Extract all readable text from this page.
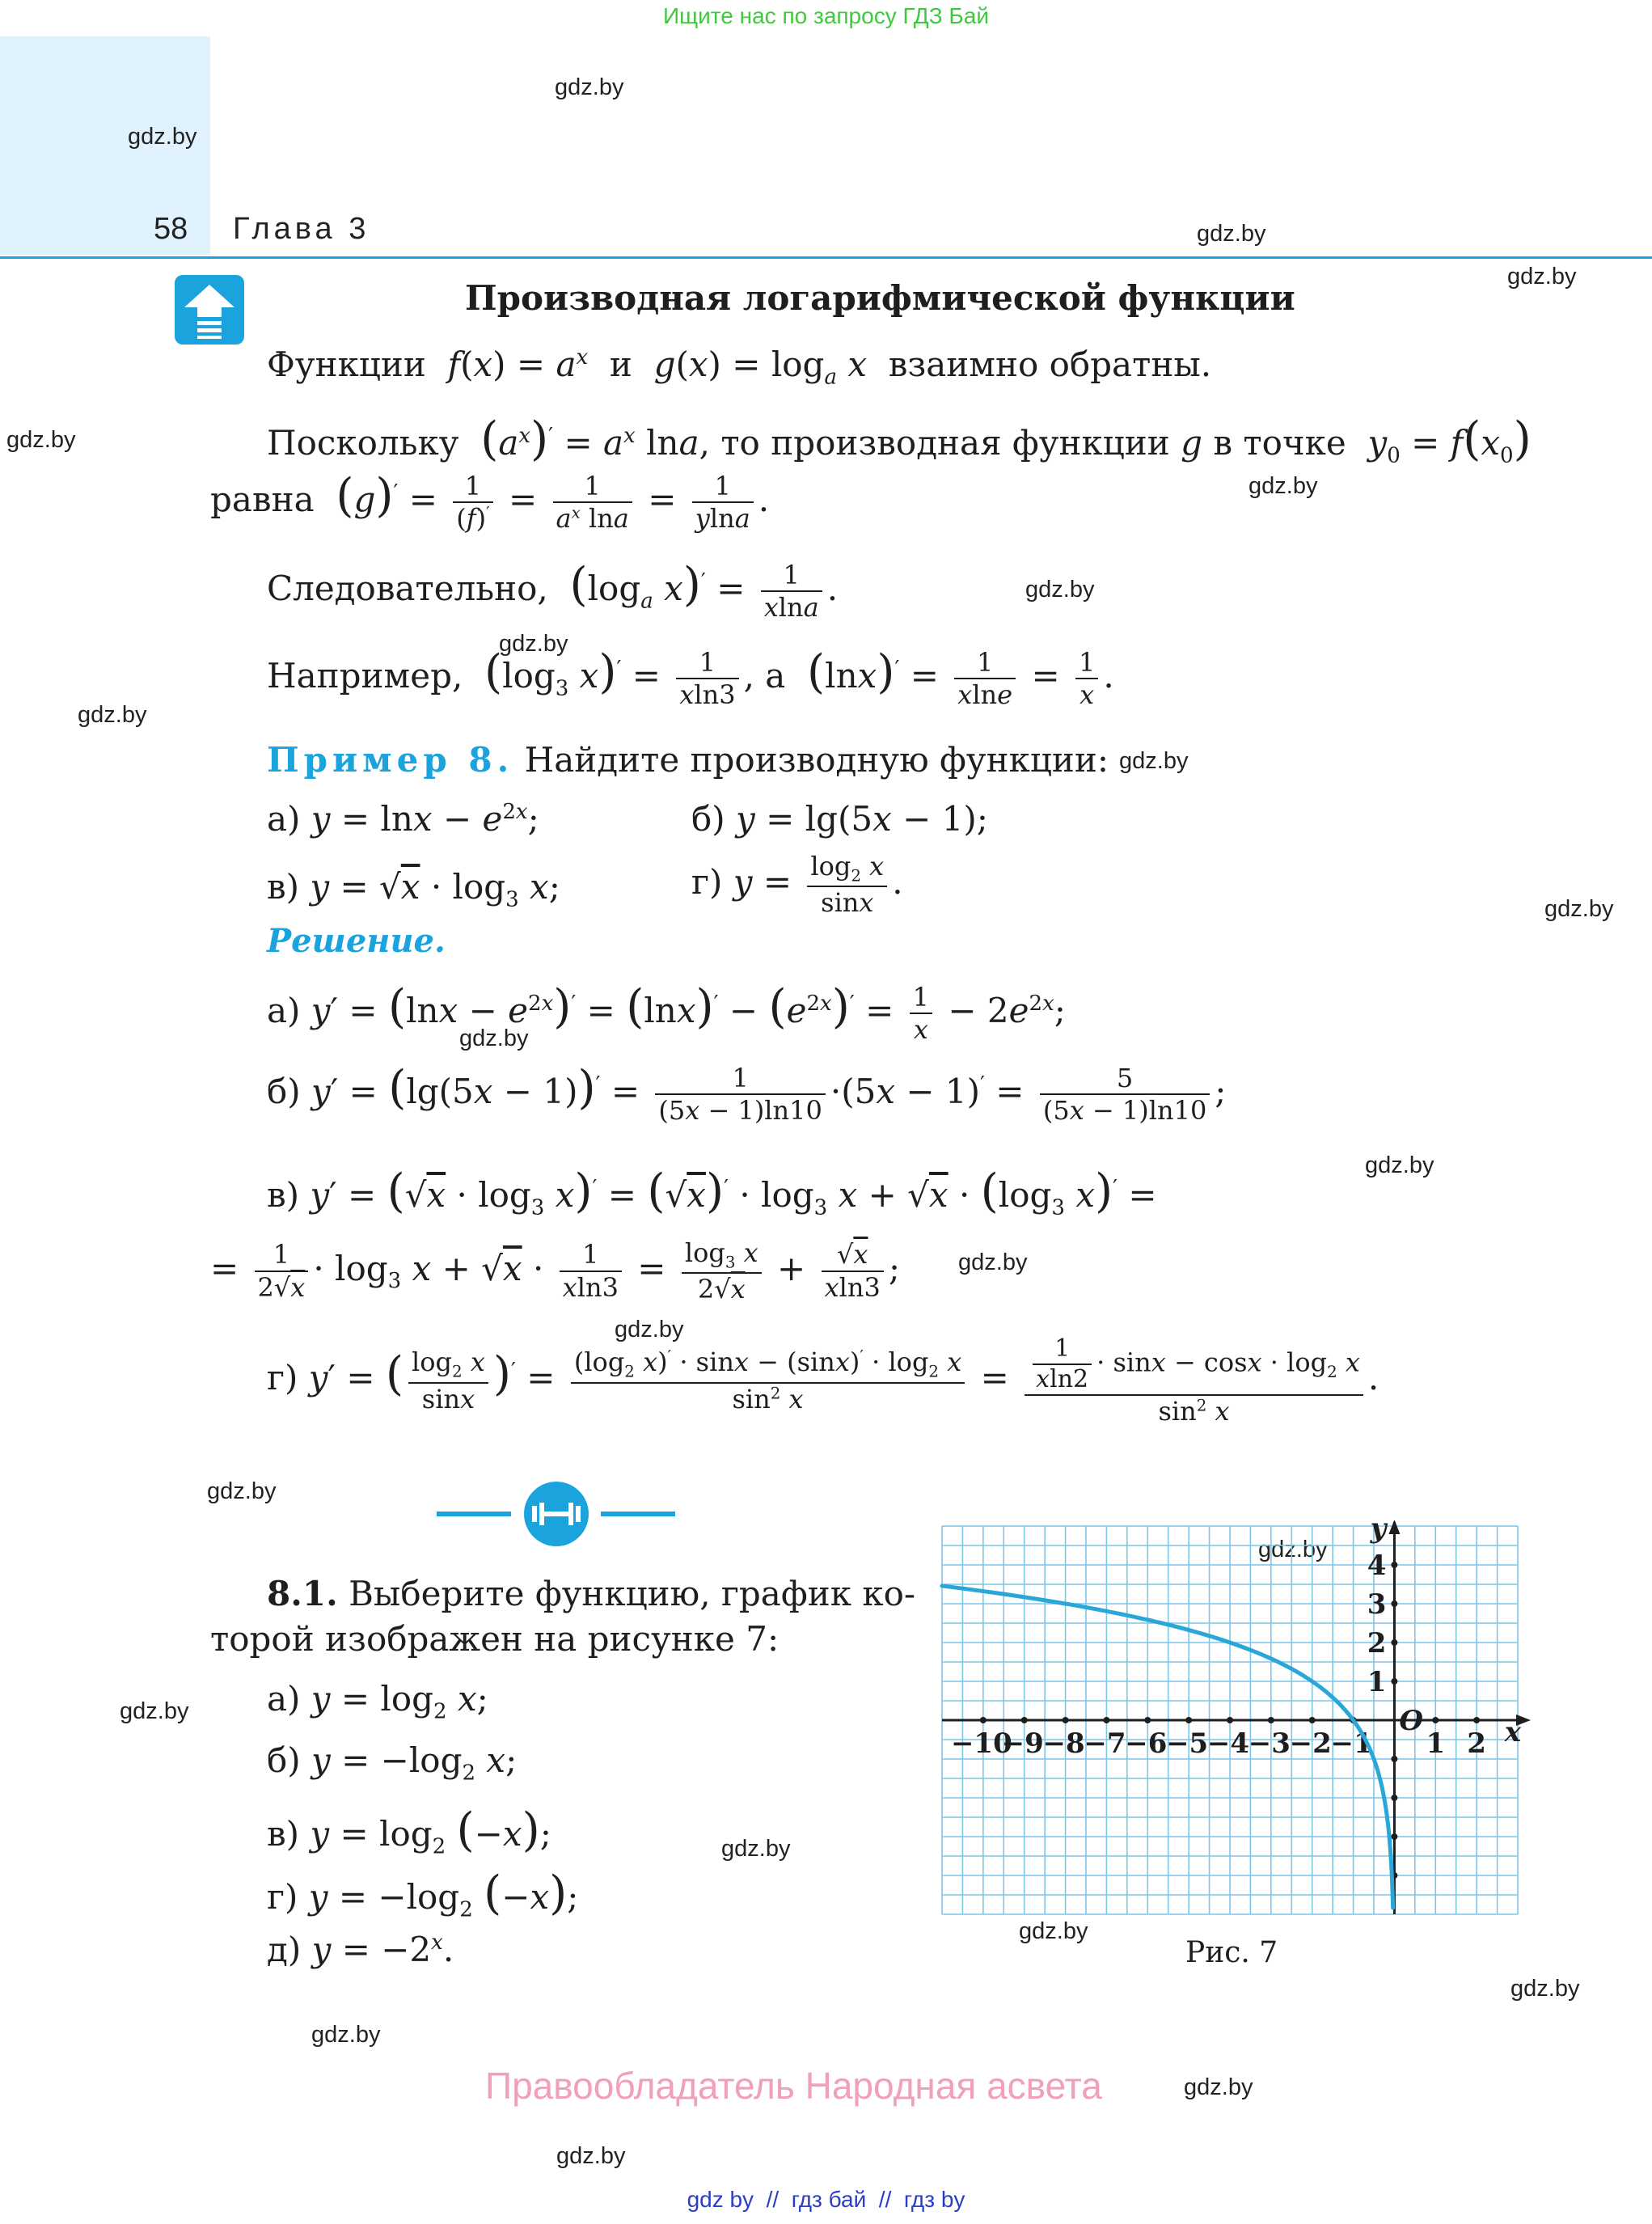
Ищите нас по запросу ГДЗ Бай
58 Глава 3
gdz.by
gdz.by
gdz.by
gdz.by
gdz.by
gdz.by
gdz.by
gdz.by
gdz.by
gdz.by
gdz.by
gdz.by
gdz.by
gdz.by
gdz.by
gdz.by
gdz.by
gdz.by
gdz.by
gdz.by
gdz.by
gdz.by
gdz.by
gdz.by
Производная логарифмической функции
Функции $f(x) = a^x$ и $g(x) = \log_a x$ взаимно обратны.
Поскольку $(a^x)' = a^x$ lna, то производная функции g в точке $y_0 = f(x_0)$
равна $(g)' = \frac{1}{(f)'} = \frac{1}{a^x \ln a} = \frac{1}{ylna}$ .
Следовательно, ($\log_a$ $x)' = \frac{1}{xlna}$ .
Например, ($\log_3$ $x)' = \frac{1}{xln3}$ , а $(\ln x)' = \frac{1}{xlne} = \frac{1}{x}$ .
Пример 8. Найдите производную функции:
а) $y = \ln x - e^{2x}$;	б) y = lg(5x − 1);
в) $y = √x \cdot \log_3 x$;	г) $y = \frac{\log_2 x}{\sin x}$ .
Решение.
а) $y' = (\ln x - e^{2x})' = (\ln x)' - (e^{2x})' = \frac{1}{x} - 2e^{2x}$;
б) $y' = (\lg(5x - 1))' = \frac{1}{(5x - 1)\ln 10} \cdot(5x - 1)' = \frac{5}{(5x - 1)\ln 10}$ ;
в) $y' = (√x \cdot \log_3 x)' = (√x)' \cdot \log_3 x + √x \cdot (\log_3$ x)′ =
= $\frac{1}{2√x} \cdot \log_3 x + √x \cdot \frac{1}{xln3} = \frac{\log_3 x}{2√x} + \frac{√x}{xln3}$ ;
г) y′ = ( $\frac{\log_2 x}{\sin x} )' = \frac{(\log_2 x)' \cdot \sin x - (\sin x)' \cdot \log_2 x}{\sin^2 x} = \frac{\frac{1}{xln2} \cdot \sin x - \cos x \cdot \log_2 x}{\sin^2 x}$ .
8.1. Выберите функцию, график ко-
торой изображен на рисунке 7:
а) $y = \log_2 x$;
б) $y = -\log_2$ x;
в) $y = \log_2 (-x)$;
г) $y = -\log_2$ (−x);
д) $y = -2^x$.
−10
−9
−8
−7
−6
−5
−4
−3
−2
−1 1 2
1
2
3
4
x
y
O
Рис. 7
Правообладатель Народная асвета
gdz by  //  гдз бай  //  гдз by
